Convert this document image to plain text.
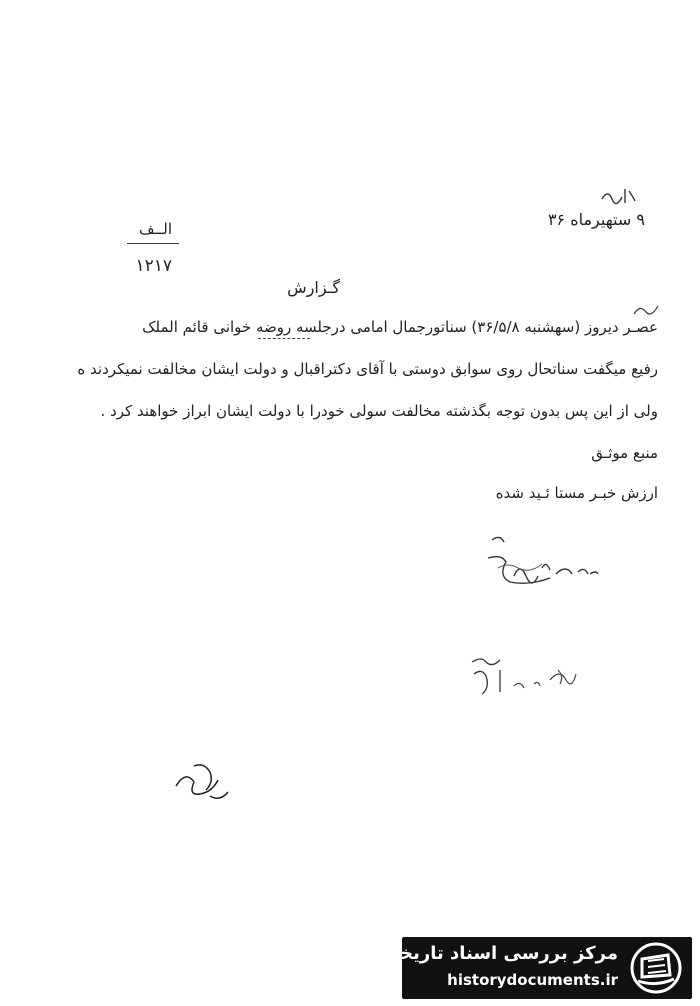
۹ ستهیرماه ۳۶
الــف
۱۲۱۷
گـزارش
عصـر دیروز (سهشنبه ۳۶/۵/۸) سناتورجمال امامی درجلسه روضه خوانی قائم الملک
رفیع میگفت سناتحال روی سوابق دوستی با آقای دکتراقبال و دولت ایشان مخالفت نمیکردند ه
ولی از این پس بدون توجه بگذشته مخالفت سولی خودرا با دولت ایشان ابراز خواهند کرد .
منبع موثـق
ارزش خبـر مستا ئـید شده
مرکز بررسی اسناد تاریخی
historydocuments.ir
